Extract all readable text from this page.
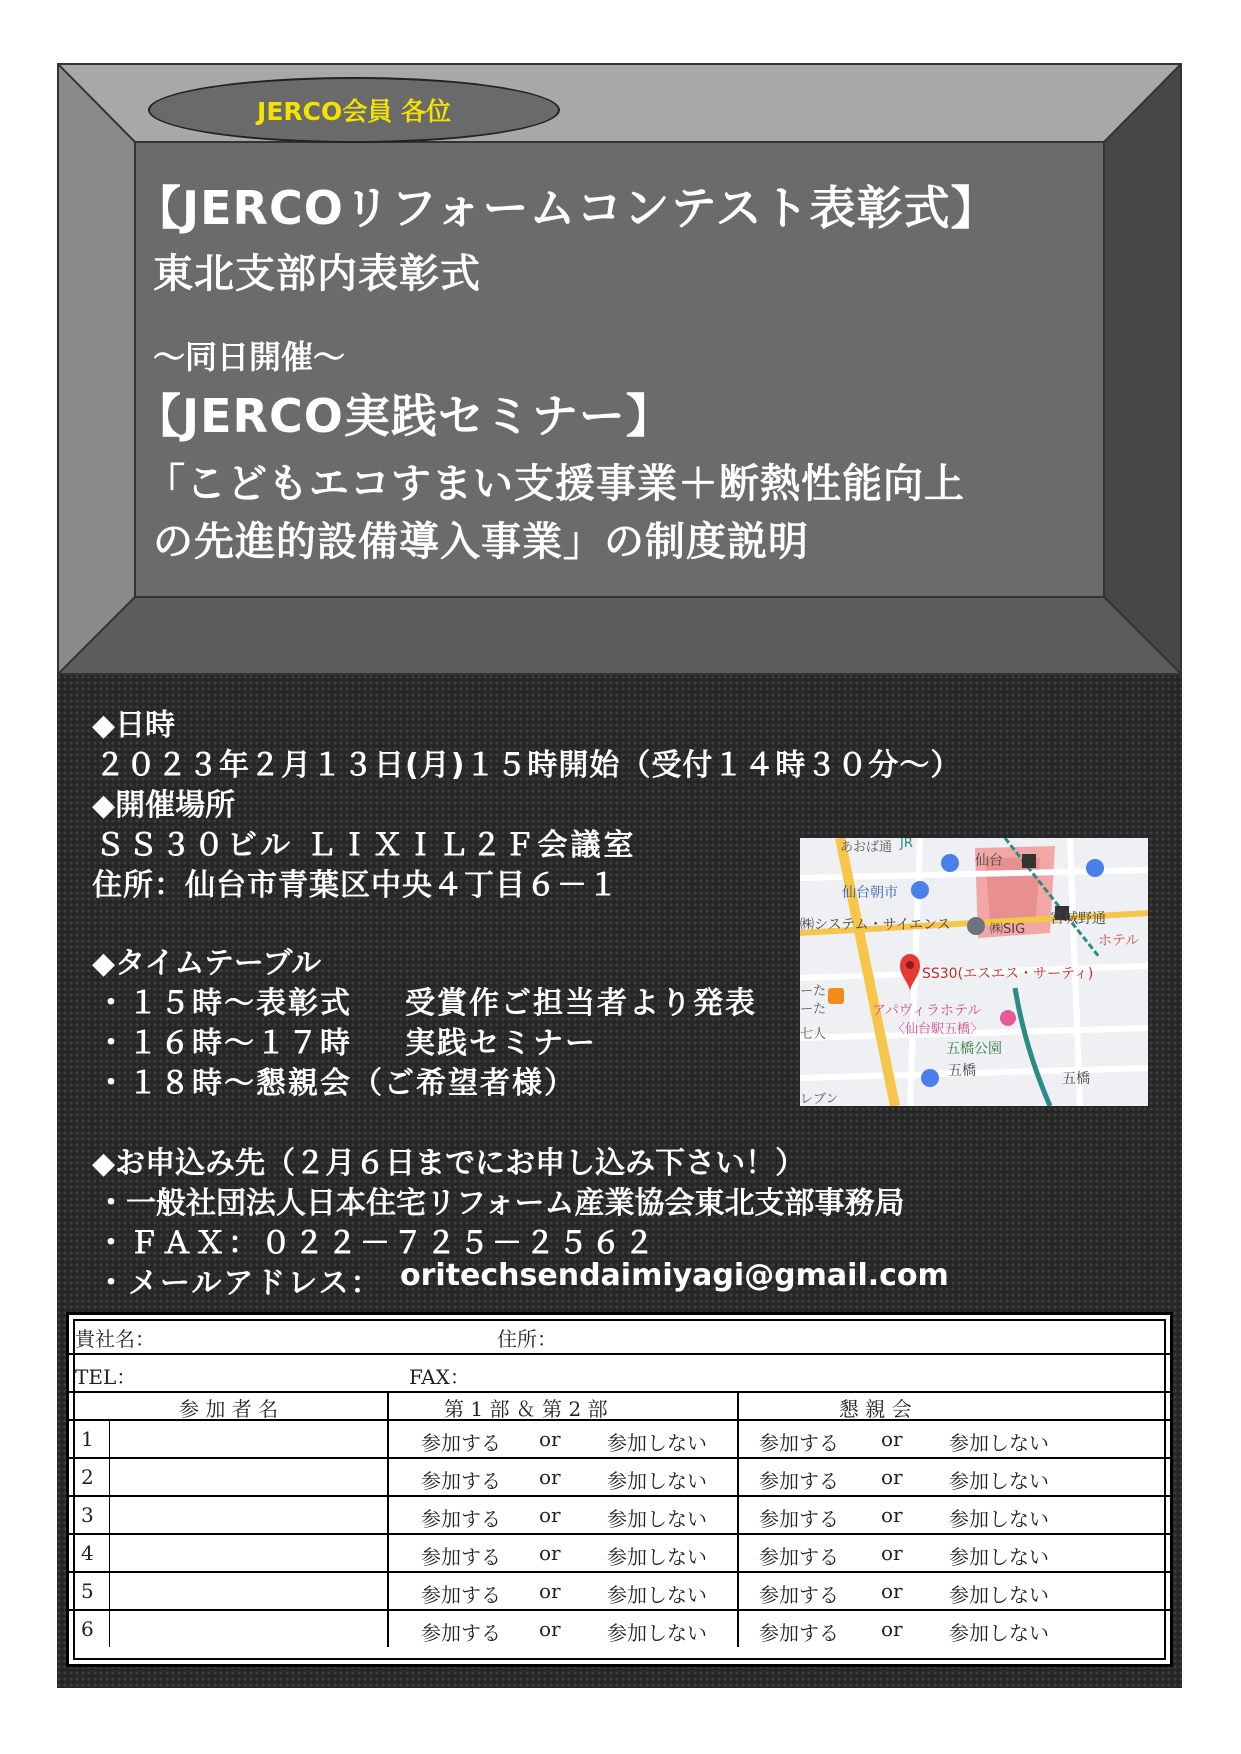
JERCO会員 各位
【JERCOリフォームコンテスト表彰式】
東北支部内表彰式
～同日開催～
【JERCO実践セミナー】
「こどもエコすまい支援事業＋断熱性能向上
の先進的設備導入事業」の制度説明
◆日時
２０２３年２月１３日(月)１５時開始（受付１４時３０分～）
◆開催場所
ＳＳ３０ビル ＬＩＸＩＬ２Ｆ会議室
住所：仙台市青葉区中央４丁目６－１
◆タイムテーブル
・１５時～表彰式 受賞作ご担当者より発表
・１６時～１７時 実践セミナー
・１８時～懇親会（ご希望者様）
◆お申込み先（２月６日までにお申し込み下さい！）
・一般社団法人日本住宅リフォーム産業協会東北支部事務局
・ＦＡＸ：０２２－７２５－２５６２
・メールアドレス： oritechsendaimiyagi@gmail.com
あおば通 JR
仙台
仙台朝市
㈱システム・サイエンス	㈱SIG
宮城野通
ホテル
SS30(エスエス・サーティ)
アパヴィラホテル
〈仙台駅五橋〉
五橋公園
五橋	五橋
ーた
ーた
七人
レブン
貴社名：	住所：
TEL：	FAX：
参 加 者 名	第 1 部 ＆ 第 2 部	懇 親 会
1	参加する or 参加しない	参加する or 参加しない
2	参加する or 参加しない	参加する or 参加しない
3	参加する or 参加しない	参加する or 参加しない
4	参加する or 参加しない	参加する or 参加しない
5	参加する or 参加しない	参加する or 参加しない
6	参加する or 参加しない	参加する or 参加しない
